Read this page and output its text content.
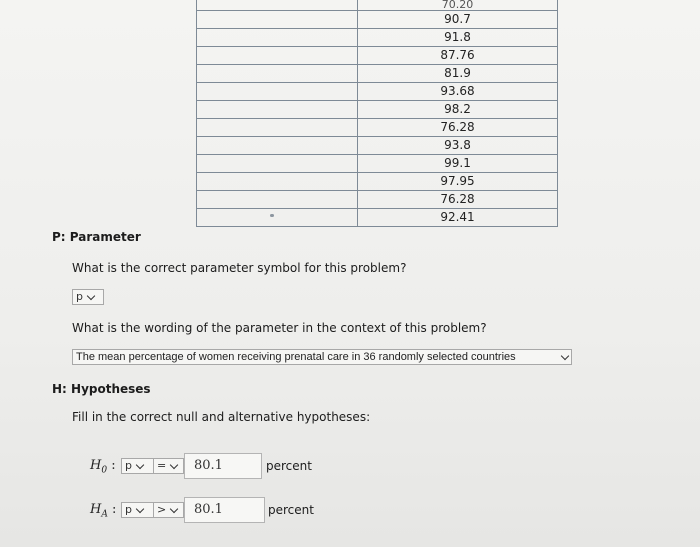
	70.20
	90.7
	91.8
	87.76
	81.9
	93.68
	98.2
	76.28
	93.8
	99.1
	97.95
	76.28
	92.41
P: Parameter
What is the correct parameter symbol for this problem?
p
What is the wording of the parameter in the context of this problem?
The mean percentage of women receiving prenatal care in 36 randomly selected countries
H: Hypotheses
Fill in the correct null and alternative hypotheses:
$H_0$ : p =	80.1	percent
$H_A$ : p >	80.1	percent
